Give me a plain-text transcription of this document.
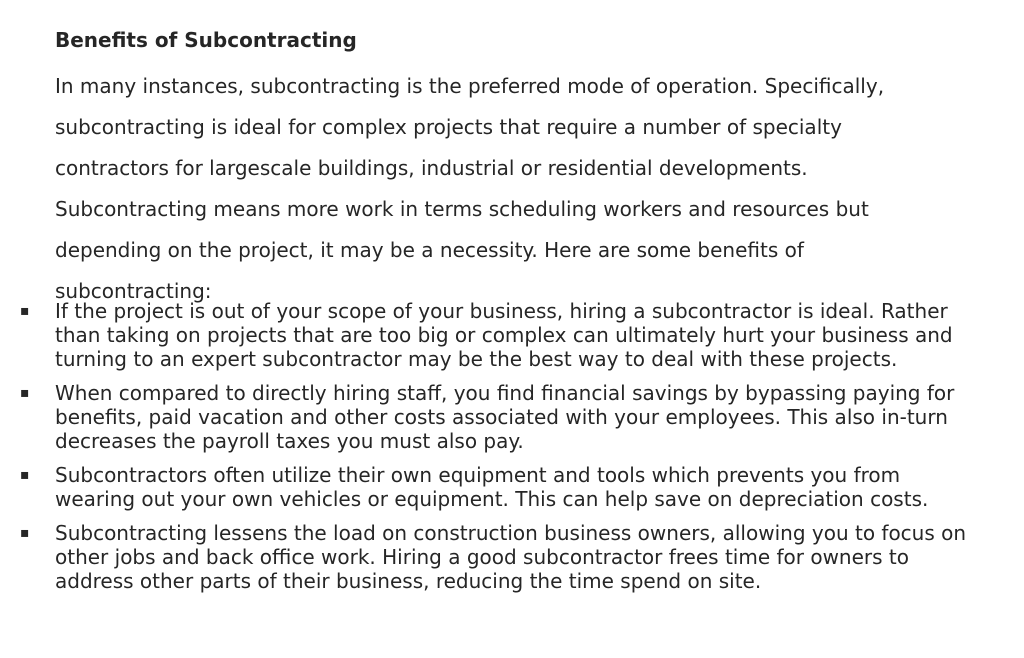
Benefits of Subcontracting

In many instances, subcontracting is the preferred mode of operation. Specifically, subcontracting is ideal for complex projects that require a number of specialty contractors for largescale buildings, industrial or residential developments. Subcontracting means more work in terms scheduling workers and resources but depending on the project, it may be a necessity. Here are some benefits of subcontracting:

▪ If the project is out of your scope of your business, hiring a subcontractor is ideal. Rather than taking on projects that are too big or complex can ultimately hurt your business and turning to an expert subcontractor may be the best way to deal with these projects.
▪ When compared to directly hiring staff, you find financial savings by bypassing paying for benefits, paid vacation and other costs associated with your employees. This also in-turn decreases the payroll taxes you must also pay.
▪ Subcontractors often utilize their own equipment and tools which prevents you from wearing out your own vehicles or equipment. This can help save on depreciation costs.
▪ Subcontracting lessens the load on construction business owners, allowing you to focus on other jobs and back office work. Hiring a good subcontractor frees time for owners to address other parts of their business, reducing the time spend on site.
